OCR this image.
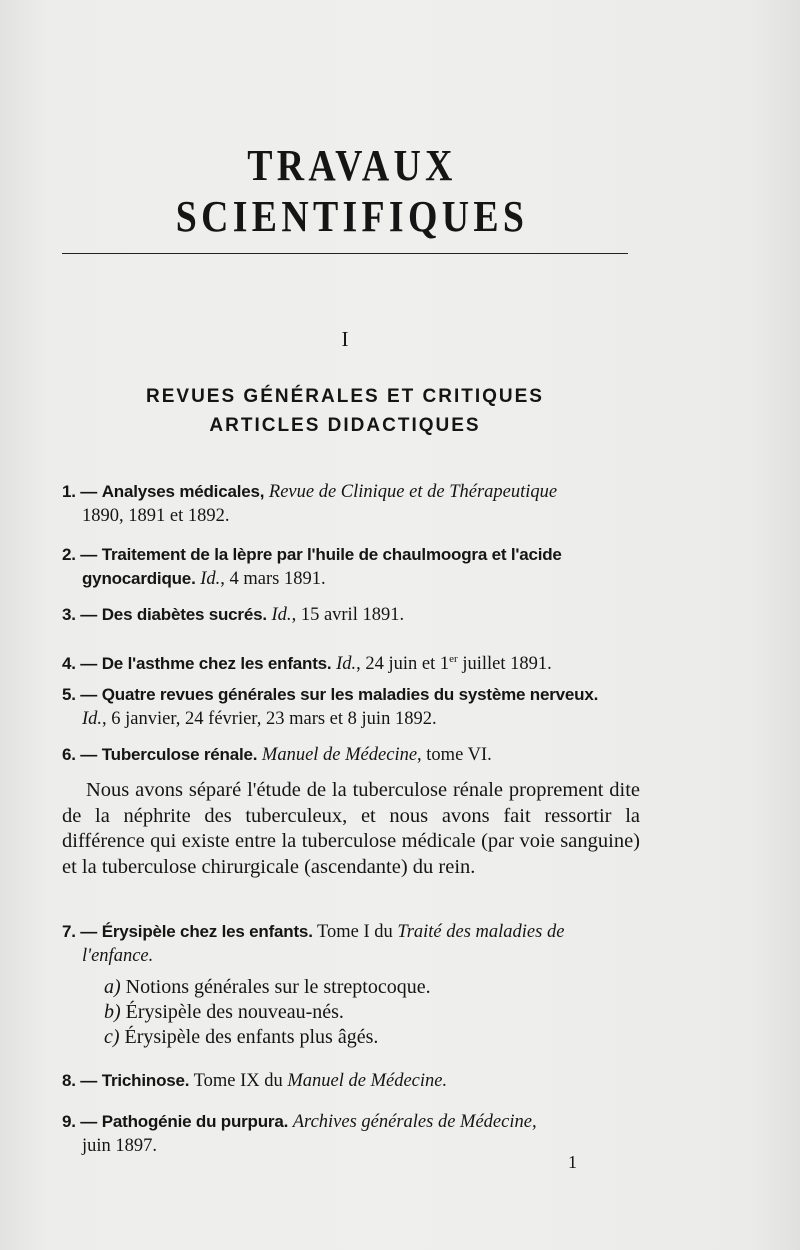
TRAVAUX SCIENTIFIQUES
I
REVUES GÉNÉRALES ET CRITIQUES
ARTICLES DIDACTIQUES
1. — Analyses médicales, Revue de Clinique et de Thérapeutique
1890, 1891 et 1892.
2. — Traitement de la lèpre par l'huile de chaulmoogra et l'acide
gynocardique. Id., 4 mars 1891.
3. — Des diabètes sucrés. Id., 15 avril 1891.
4. — De l'asthme chez les enfants. Id., 24 juin et 1er juillet 1891.
5. — Quatre revues générales sur les maladies du système nerveux.
Id., 6 janvier, 24 février, 23 mars et 8 juin 1892.
6. — Tuberculose rénale. Manuel de Médecine, tome VI.
Nous avons séparé l'étude de la tuberculose rénale proprement dite de la néphrite des tuberculeux, et nous avons fait ressortir la différence qui existe entre la tuberculose médicale (par voie sanguine) et la tuberculose chirurgicale (ascendante) du rein.
7. — Érysipèle chez les enfants. Tome I du Traité des maladies de
l'enfance.
a) Notions générales sur le streptocoque.
b) Érysipèle des nouveau-nés.
c) Érysipèle des enfants plus âgés.
8. — Trichinose. Tome IX du Manuel de Médecine.
9. — Pathogénie du purpura. Archives générales de Médecine,
juin 1897.
1
